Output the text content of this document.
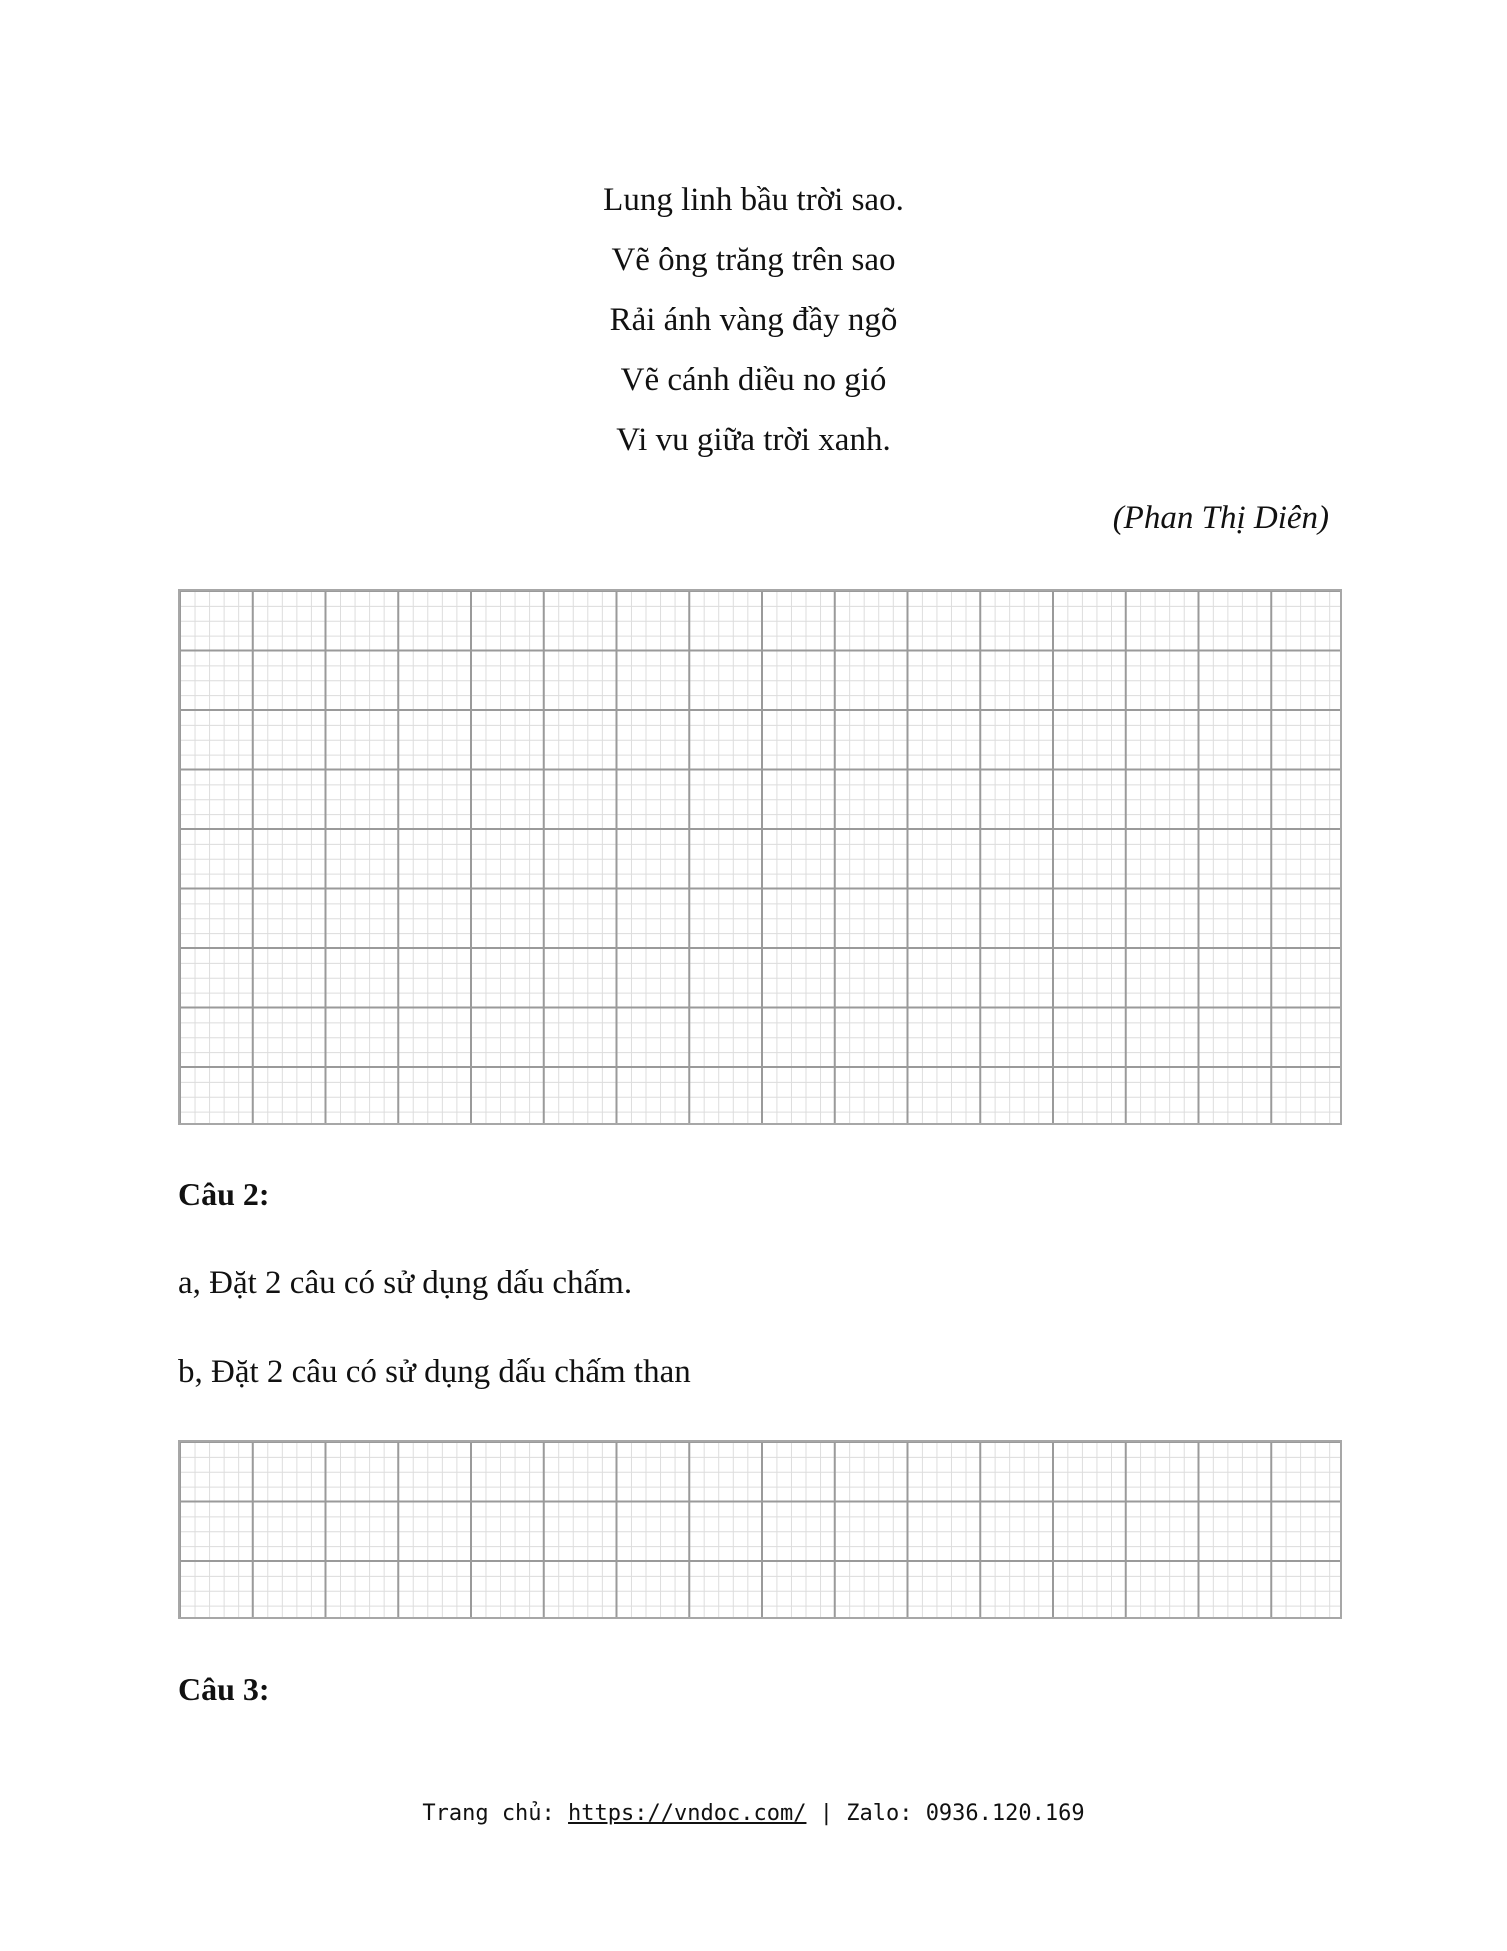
Lung linh bầu trời sao.
Vẽ ông trăng trên sao
Rải ánh vàng đầy ngõ
Vẽ cánh diều no gió
Vi vu giữa trời xanh.
(Phan Thị Diên)
Câu 2:
a, Đặt 2 câu có sử dụng dấu chấm.
b, Đặt 2 câu có sử dụng dấu chấm than
Câu 3:
Trang chủ: https://vndoc.com/ | Zalo: 0936.120.169
